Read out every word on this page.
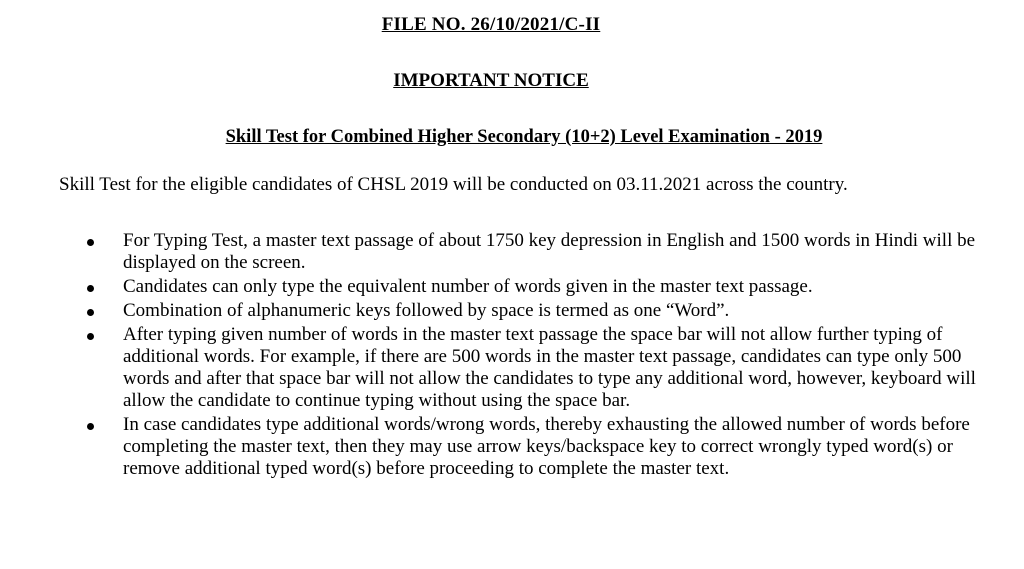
FILE NO. 26/10/2021/C-II
IMPORTANT NOTICE
Skill Test for Combined Higher Secondary (10+2) Level Examination - 2019
Skill Test for the eligible candidates of CHSL 2019 will be conducted on 03.11.2021 across the country.
For Typing Test, a master text passage of about 1750 key depression in English and 1500 words in Hindi will be displayed on the screen.
Candidates can only type the equivalent number of words given in the master text passage.
Combination of alphanumeric keys followed by space is termed as one “Word”.
After typing given number of words in the master text passage the space bar will not allow further typing of additional words. For example, if there are 500 words in the master text passage, candidates can type only 500 words and after that space bar will not allow the candidates to type any additional word, however, keyboard will allow the candidate to continue typing without using the space bar.
In case candidates type additional words/wrong words, thereby exhausting the allowed number of words before completing the master text, then they may use arrow keys/backspace key to correct wrongly typed word(s) or remove additional typed word(s) before proceeding to complete the master text.
